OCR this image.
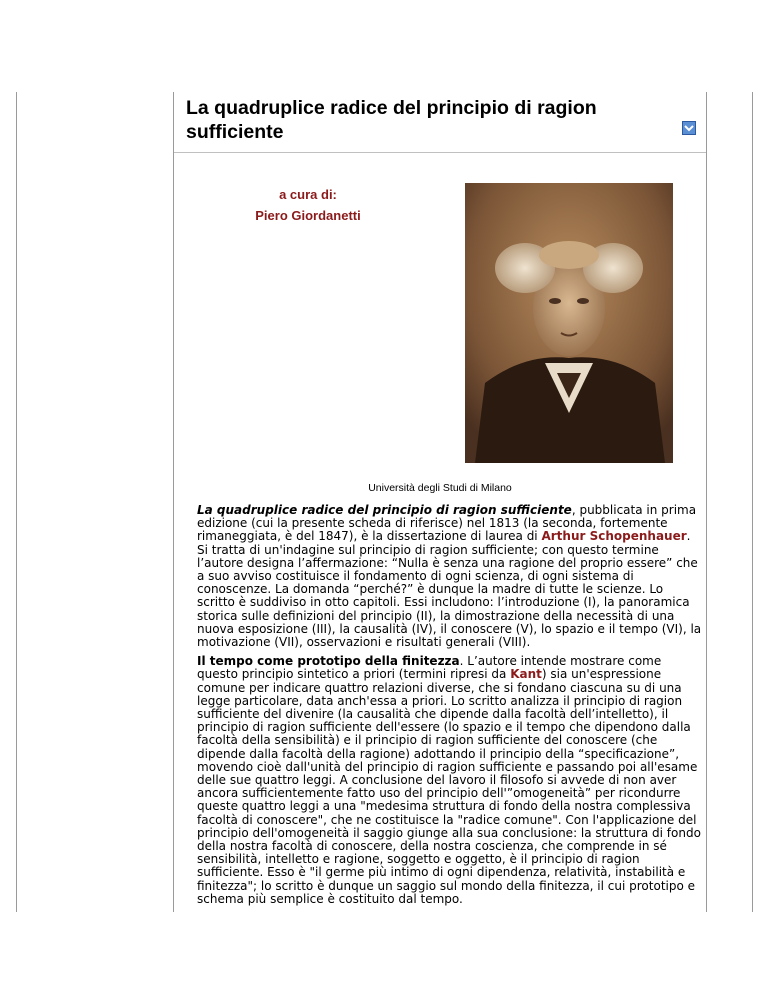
La quadruplice radice del principio di ragion sufficiente
a cura di:
Piero Giordanetti
Università degli Studi di Milano

La quadruplice radice del principio di ragion sufficiente, pubblicata in prima edizione (cui la presente scheda di riferisce) nel 1813 (la seconda, fortemente rimaneggiata, è del 1847), è la dissertazione di laurea di Arthur Schopenhauer. Si tratta di un'indagine sul principio di ragion sufficiente; con questo termine l’autore designa l’affermazione: “Nulla è senza una ragione del proprio essere” che a suo avviso costituisce il fondamento di ogni scienza, di ogni sistema di conoscenze. La domanda “perché?” è dunque la madre di tutte le scienze. Lo scritto è suddiviso in otto capitoli. Essi includono: l’introduzione (I), la panoramica storica sulle definizioni del principio (II), la dimostrazione della necessità di una nuova esposizione (III), la causalità (IV), il conoscere (V), lo spazio e il tempo (VI), la motivazione (VII), osservazioni e risultati generali (VIII).

Il tempo come prototipo della finitezza. L’autore intende mostrare come questo principio sintetico a priori (termini ripresi da Kant) sia un'espressione comune per indicare quattro relazioni diverse, che si fondano ciascuna su di una legge particolare, data anch'essa a priori. Lo scritto analizza il principio di ragion sufficiente del divenire (la causalità che dipende dalla facoltà dell’intelletto), il principio di ragion sufficiente dell'essere (lo spazio e il tempo che dipendono dalla facoltà della sensibilità) e il principio di ragion sufficiente del conoscere (che dipende dalla facoltà della ragione) adottando il principio della “specificazione”, movendo cioè dall'unità del principio di ragion sufficiente e passando poi all'esame delle sue quattro leggi. A conclusione del lavoro il filosofo si avvede di non aver ancora sufficientemente fatto uso del principio dell'”omogeneità” per ricondurre queste quattro leggi a una "medesima struttura di fondo della nostra complessiva facoltà di conoscere", che ne costituisce la "radice comune". Con l'applicazione del principio dell'omogeneità il saggio giunge alla sua conclusione: la struttura di fondo della nostra facoltà di conoscere, della nostra coscienza, che comprende in sé sensibilità, intelletto e ragione, soggetto e oggetto, è il principio di ragion sufficiente. Esso è "il germe più intimo di ogni dipendenza, relatività, instabilità e finitezza"; lo scritto è dunque un saggio sul mondo della finitezza, il cui prototipo e schema più semplice è costituito dal tempo.
